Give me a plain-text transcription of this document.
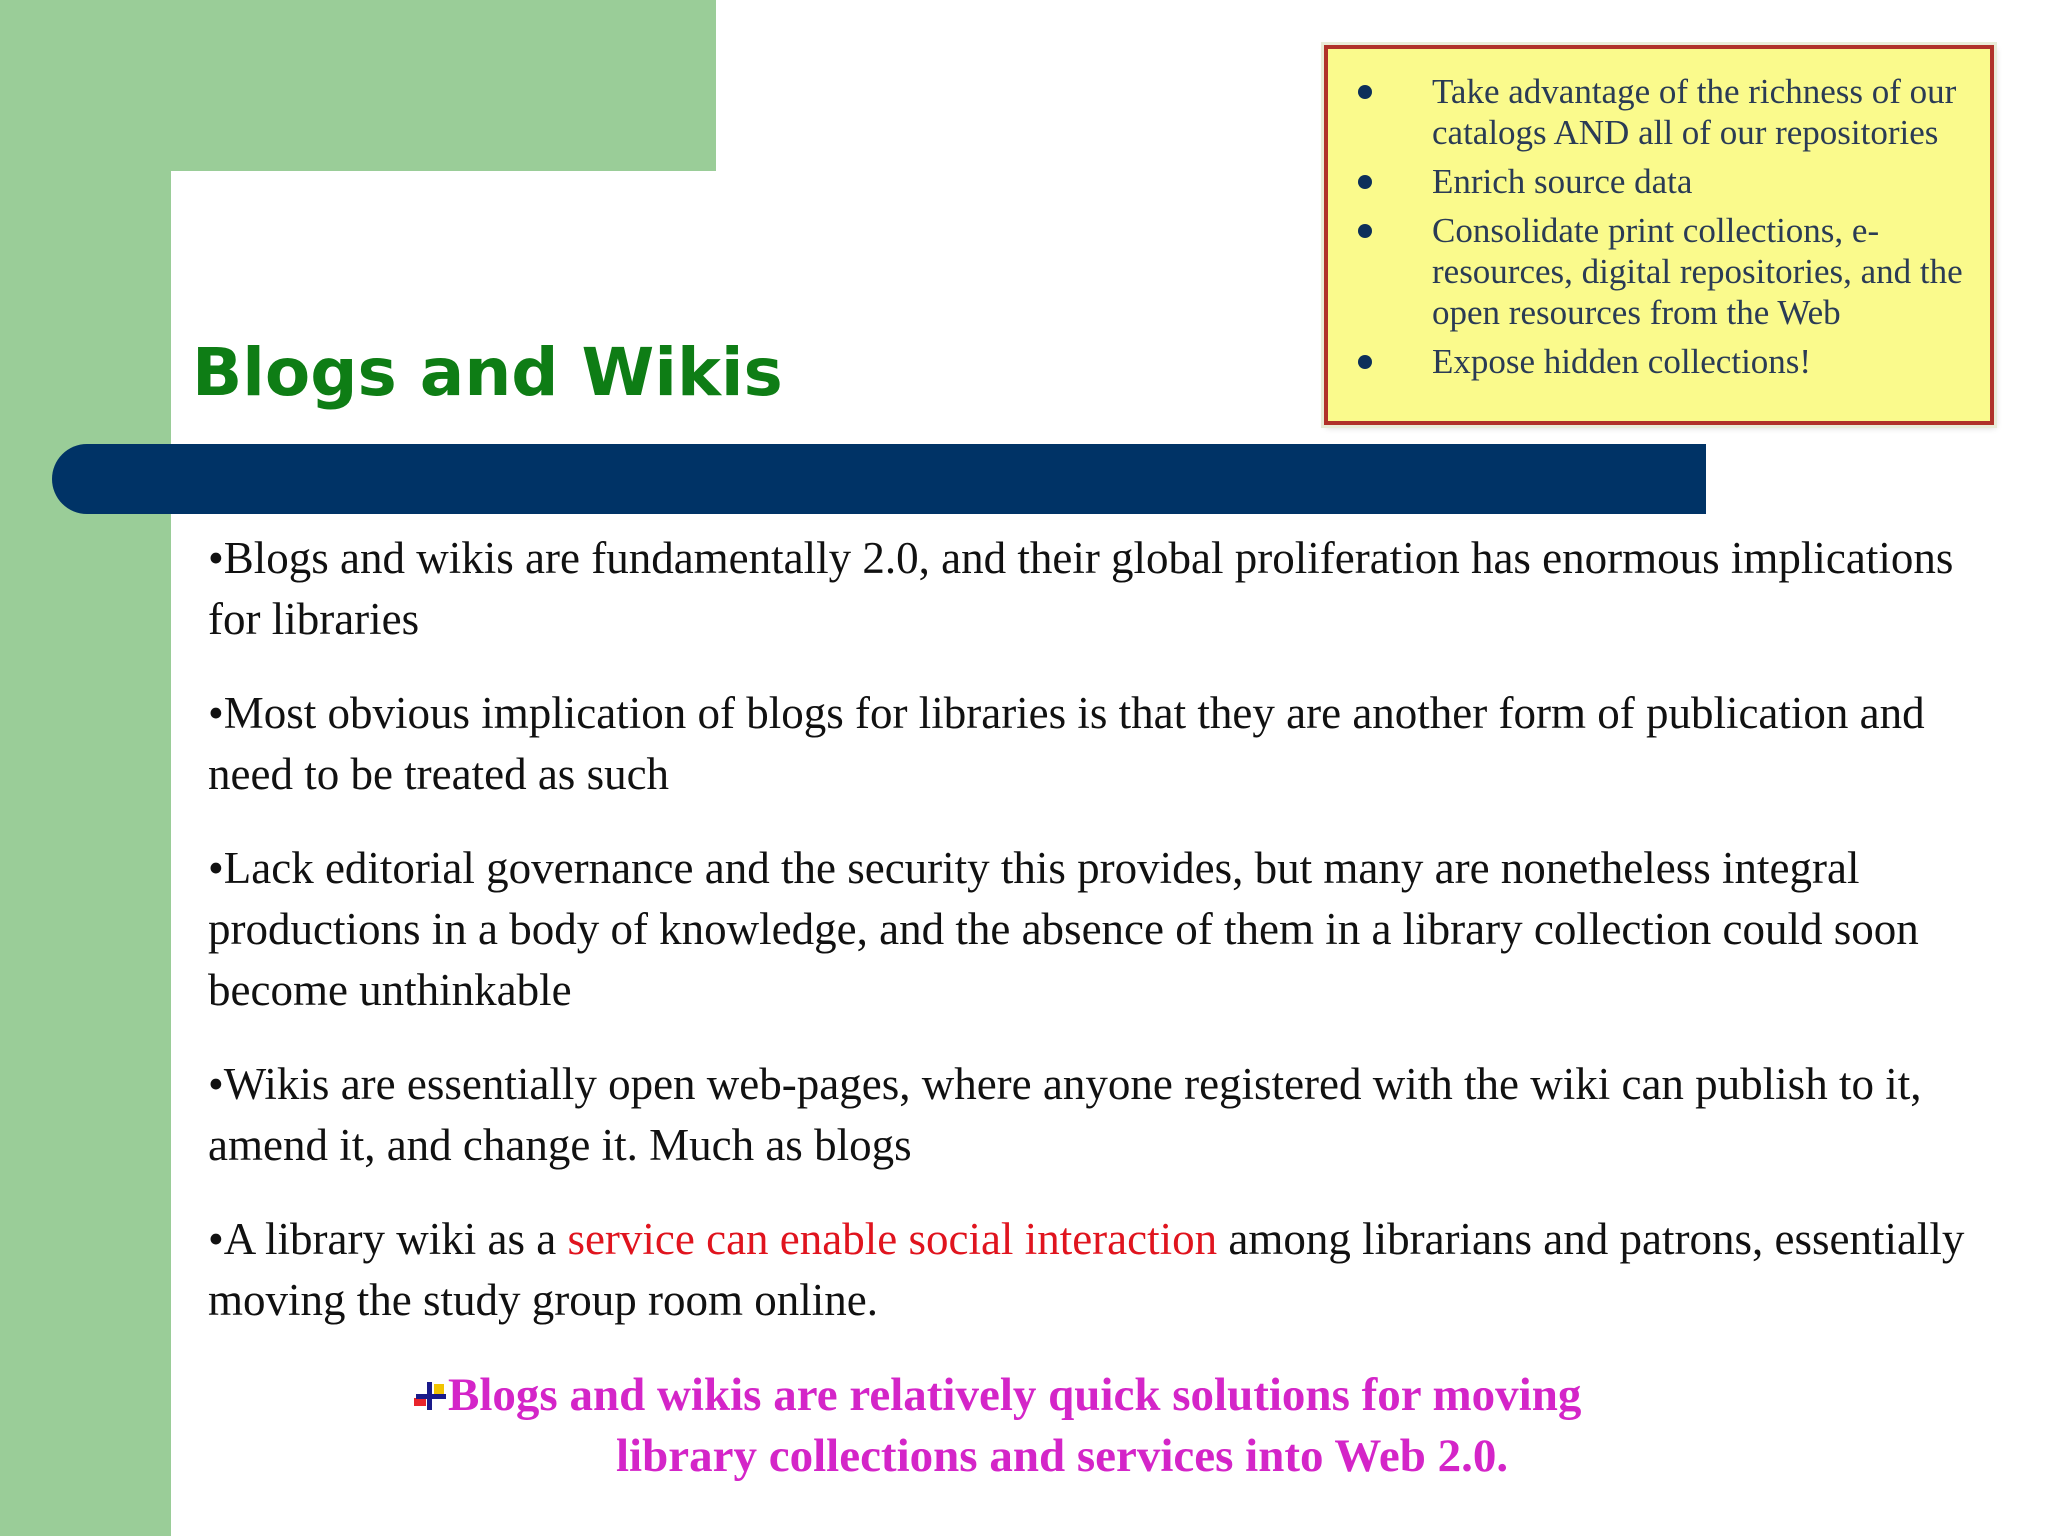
Take advantage of the richness of our catalogs AND all of our repositories
Enrich source data
Consolidate print collections, e-resources, digital repositories, and the open resources from the Web
Expose hidden collections!
Blogs and Wikis

•Blogs and wikis are fundamentally 2.0, and their global proliferation has enormous implications for libraries

•Most obvious implication of blogs for libraries is that they are another form of publication and need to be treated as such

•Lack editorial governance and the security this provides, but many are nonetheless integral productions in a body of knowledge, and the absence of them in a library collection could soon become unthinkable

•Wikis are essentially open web-pages, where anyone registered with the wiki can publish to it, amend it, and change it. Much as blogs

•A library wiki as a service can enable social interaction among librarians and patrons, essentially moving the study group room online.

Blogs and wikis are relatively quick solutions for moving
library collections and services into Web 2.0.
